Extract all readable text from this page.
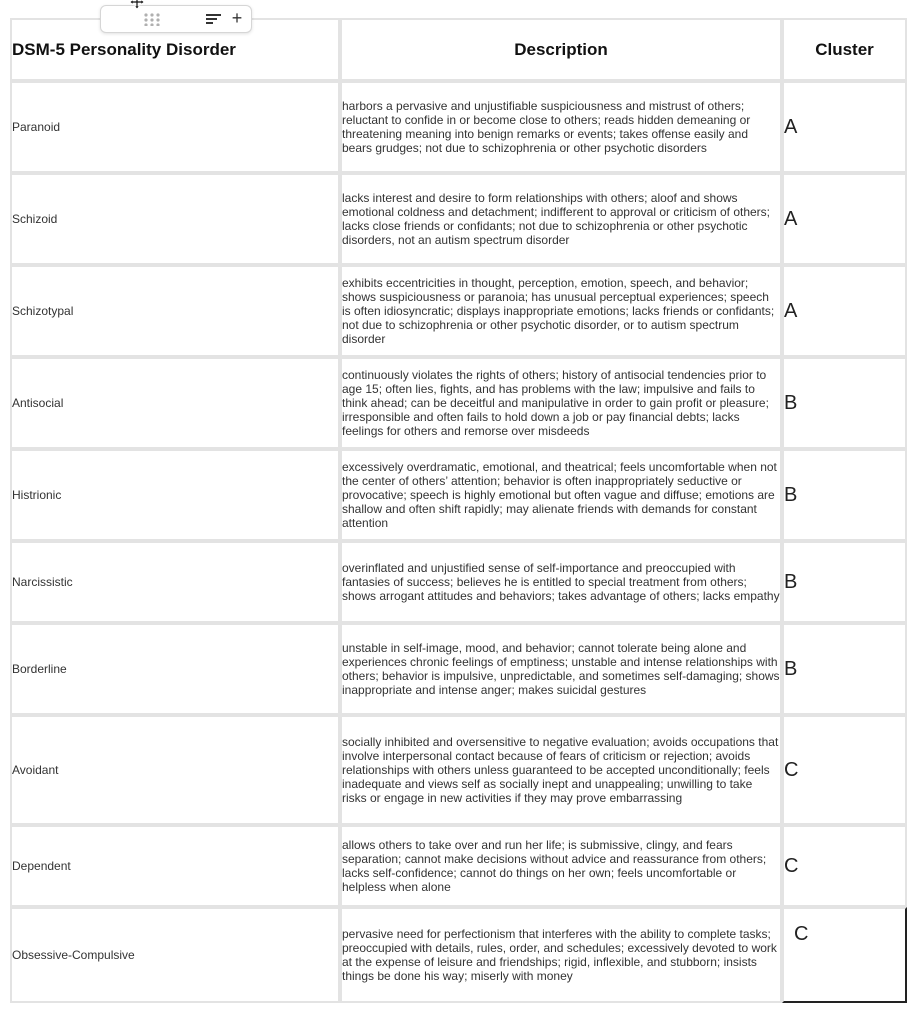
+
DSM-5 Personality Disorder	Description	Cluster
Paranoid	harbors a pervasive and unjustifiable suspiciousness and mistrust of others; reluctant to confide in or become close to others; reads hidden demeaning or threatening meaning into benign remarks or events; takes offense easily and bears grudges; not due to schizophrenia or other psychotic disorders	A
Schizoid	lacks interest and desire to form relationships with others; aloof and shows emotional coldness and detachment; indifferent to approval or criticism of others; lacks close friends or confidants; not due to schizophrenia or other psychotic disorders, not an autism spectrum disorder	A
Schizotypal	exhibits eccentricities in thought, perception, emotion, speech, and behavior; shows suspiciousness or paranoia; has unusual perceptual experiences; speech is often idiosyncratic; displays inappropriate emotions; lacks friends or confidants; not due to schizophrenia or other psychotic disorder, or to autism spectrum disorder	A
Antisocial	continuously violates the rights of others; history of antisocial tendencies prior to age 15; often lies, fights, and has problems with the law; impulsive and fails to think ahead; can be deceitful and manipulative in order to gain profit or pleasure; irresponsible and often fails to hold down a job or pay financial debts; lacks feelings for others and remorse over misdeeds	B
Histrionic	excessively overdramatic, emotional, and theatrical; feels uncomfortable when not the center of others’ attention; behavior is often inappropriately seductive or provocative; speech is highly emotional but often vague and diffuse; emotions are shallow and often shift rapidly; may alienate friends with demands for constant attention	B
Narcissistic	overinflated and unjustified sense of self-importance and preoccupied with fantasies of success; believes he is entitled to special treatment from others; shows arrogant attitudes and behaviors; takes advantage of others; lacks empathy	B
Borderline	unstable in self-image, mood, and behavior; cannot tolerate being alone and experiences chronic feelings of emptiness; unstable and intense relationships with others; behavior is impulsive, unpredictable, and sometimes self-damaging; shows inappropriate and intense anger; makes suicidal gestures	B
Avoidant	socially inhibited and oversensitive to negative evaluation; avoids occupations that involve interpersonal contact because of fears of criticism or rejection; avoids relationships with others unless guaranteed to be accepted unconditionally; feels inadequate and views self as socially inept and unappealing; unwilling to take risks or engage in new activities if they may prove embarrassing	C
Dependent	allows others to take over and run her life; is submissive, clingy, and fears separation; cannot make decisions without advice and reassurance from others; lacks self-confidence; cannot do things on her own; feels uncomfortable or helpless when alone	C
Obsessive-Compulsive	pervasive need for perfectionism that interferes with the ability to complete tasks; preoccupied with details, rules, order, and schedules; excessively devoted to work at the expense of leisure and friendships; rigid, inflexible, and stubborn; insists things be done his way; miserly with money	C
